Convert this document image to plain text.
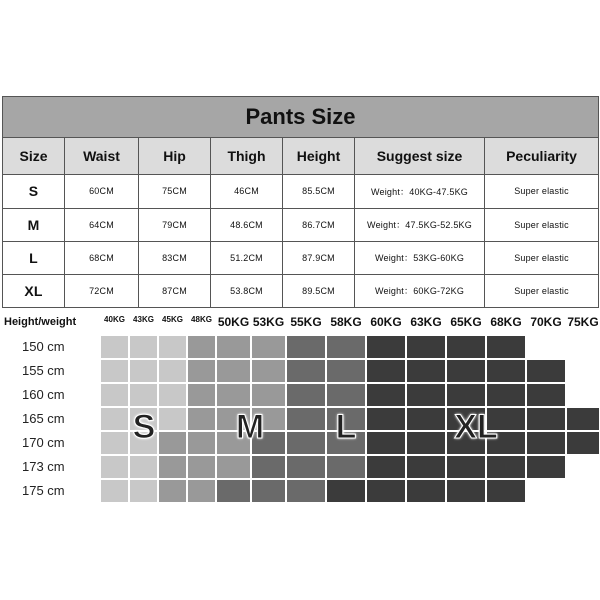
Pants Size						
Size	Waist	Hip	Thigh	Height	Suggest size	Peculiarity
S	60CM	75CM	46CM	85.5CM	Weight：40KG-47.5KG	Super elastic
M	64CM	79CM	48.6CM	86.7CM	Weight：47.5KG-52.5KG	Super elastic
L	68CM	83CM	51.2CM	87.9CM	Weight：53KG-60KG	Super elastic
XL	72CM	87CM	53.8CM	89.5CM	Weight：60KG-72KG	Super elastic
Height/weight	40KG 43KG 45KG 48KG 50KG 53KG 55KG 58KG 60KG 63KG 65KG 68KG 70KG 75KG
150 cm
155 cm
160 cm
165 cm
170 cm
173 cm
175 cm
S M L	XL
